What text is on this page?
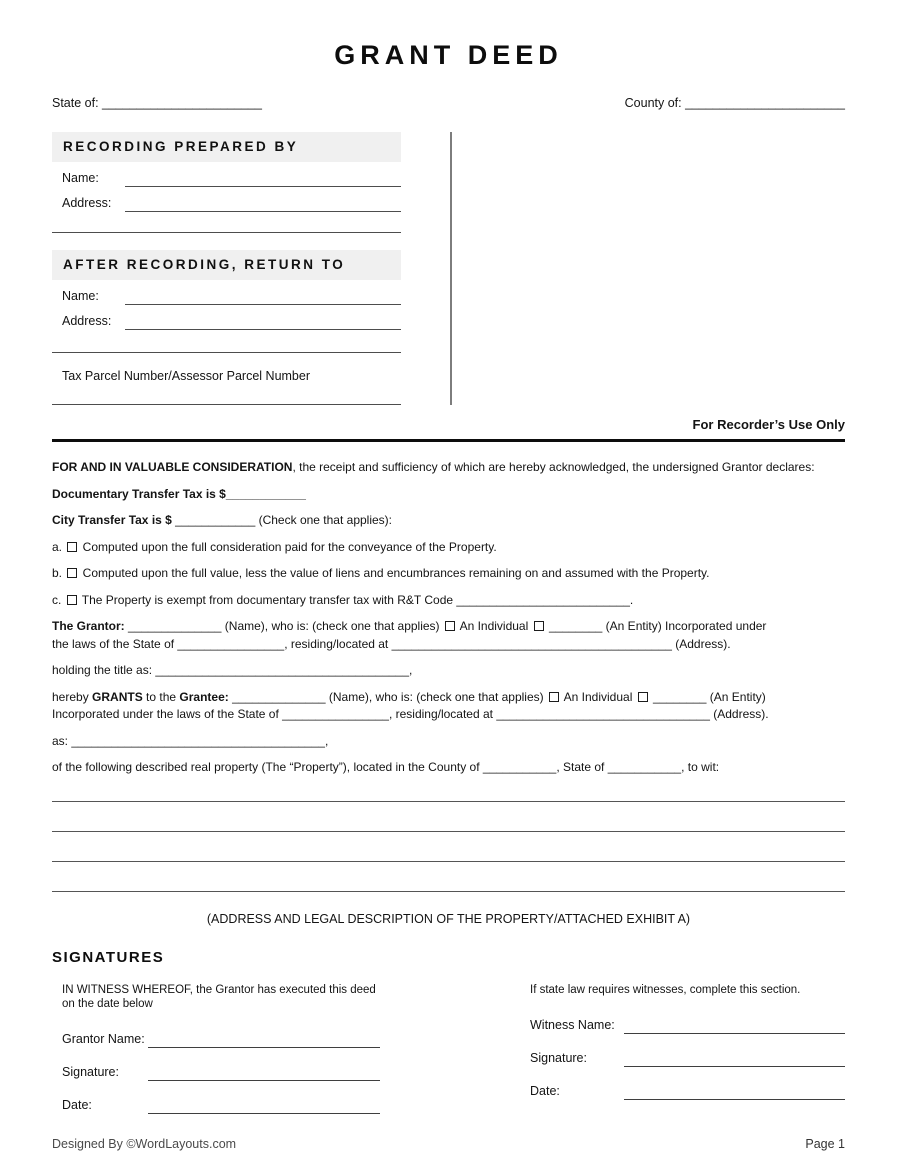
GRANT DEED
State of: _______________________	County of: _______________________
RECORDING PREPARED BY
Name:
Address:
AFTER RECORDING, RETURN TO
Name:
Address:
Tax Parcel Number/Assessor Parcel Number
For Recorder’s Use Only

FOR AND IN VALUABLE CONSIDERATION, the receipt and sufficiency of which are hereby acknowledged, the undersigned Grantor declares:

Documentary Transfer Tax is $____________

City Transfer Tax is $ ____________ (Check one that applies):

a.  Computed upon the full consideration paid for the conveyance of the Property.

b.  Computed upon the full value, less the value of liens and encumbrances remaining on and assumed with the Property.

c.  The Property is exempt from documentary transfer tax with R&T Code __________________________.

The Grantor: ______________ (Name), who is: (check one that applies)  An Individual  ________ (An Entity) Incorporated under
the laws of the State of ________________, residing/located at __________________________________________ (Address).

holding the title as: ______________________________________,

hereby GRANTS to the Grantee: ______________ (Name), who is: (check one that applies)  An Individual  ________ (An Entity)
Incorporated under the laws of the State of ________________, residing/located at ________________________________ (Address).

as: ______________________________________,

of the following described real property (The “Property”), located in the County of ___________, State of ___________, to wit:

(ADDRESS AND LEGAL DESCRIPTION OF THE PROPERTY/ATTACHED EXHIBIT A)
SIGNATURES
IN WITNESS WHEREOF, the Grantor has executed this deed on the date below
Grantor Name:
Signature:
Date:
If state law requires witnesses, complete this section.
Witness Name:
Signature:
Date:
Designed By ©WordLayouts.com	Page 1
